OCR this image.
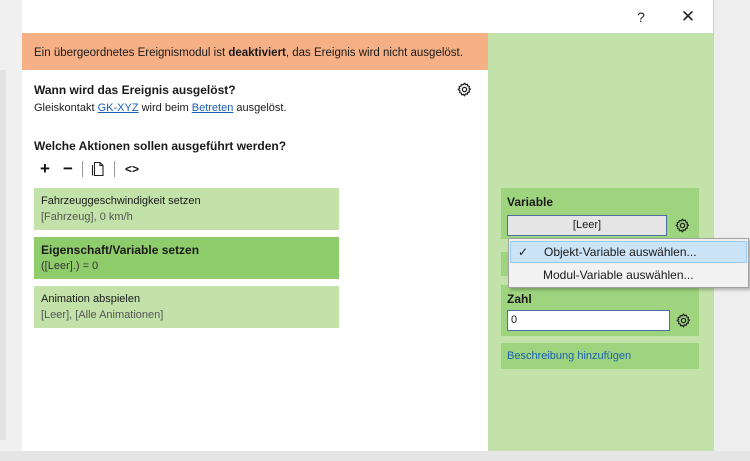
?	✕
Ein übergeordnetes Ereignismodul ist deaktiviert, das Ereignis wird nicht ausgelöst.
Wann wird das Ereignis ausgelöst?
Gleiskontakt GK-XYZ wird beim Betreten ausgelöst.
Welche Aktionen sollen ausgeführt werden?
+ −	<>
Fahrzeuggeschwindigkeit setzen
[Fahrzeug], 0 km/h
Eigenschaft/Variable setzen
([Leer].) = 0
Animation abspielen
[Leer], [Alle Animationen]
Variable
[Leer]
Zahl
0
Beschreibung hinzufügen
✓ Objekt-Variable auswählen...
Modul-Variable auswählen...
